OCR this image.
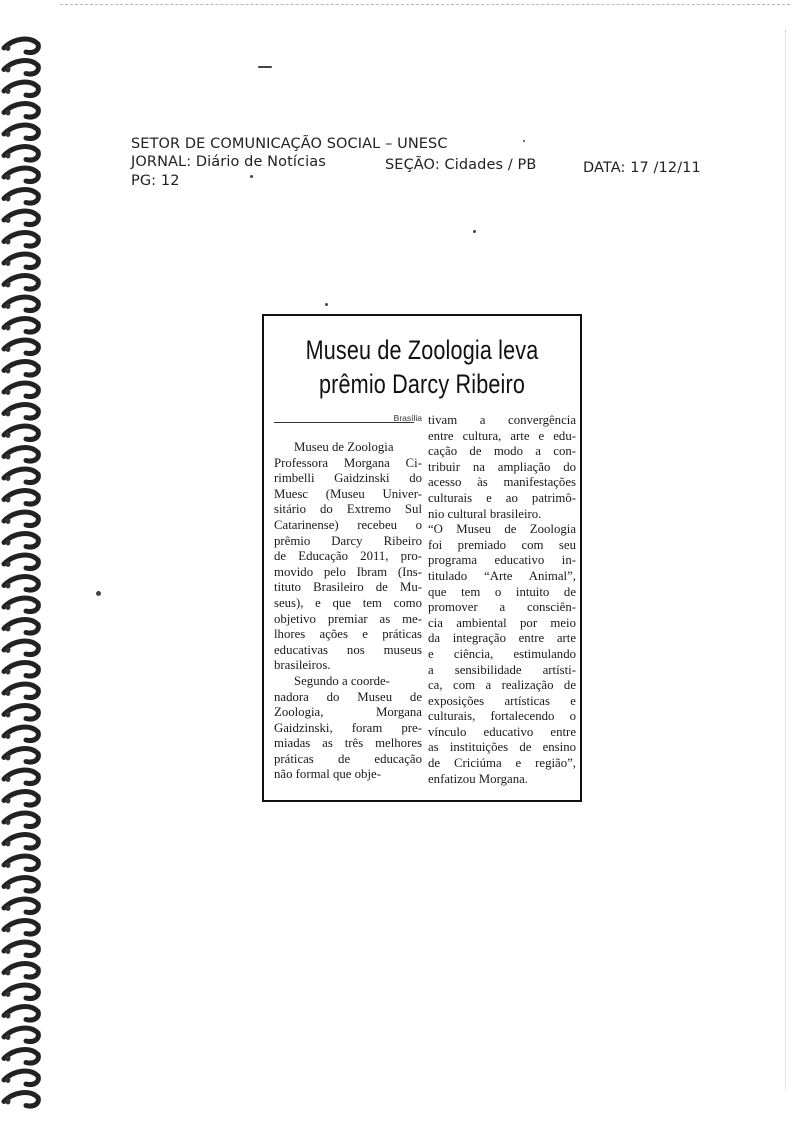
SETOR DE COMUNICAÇÃO SOCIAL – UNESC
JORNAL: Diário de Notícias	SEÇÃO: Cidades / PB	DATA: 17 /12/11
PG: 12
Museu de Zoologia leva
prêmio Darcy Ribeiro
Brasília
Museu de Zoologia
Professora Morgana Ci-
rimbelli Gaidzinski do
Muesc (Museu Univer-
sitário do Extremo Sul
Catarinense) recebeu o
prêmio Darcy Ribeiro
de Educação 2011, pro-
movido pelo Ibram (Ins-
tituto Brasileiro de Mu-
seus), e que tem como
objetivo premiar as me-
lhores ações e práticas
educativas nos museus
brasileiros.
Segundo a coorde-
nadora do Museu de
Zoologia, Morgana
Gaidzinski, foram pre-
miadas as três melhores
práticas de educação
não formal que obje-
tivam a convergência
entre cultura, arte e edu-
cação de modo a con-
tribuir na ampliação do
acesso às manifestações
culturais e ao patrimô-
nio cultural brasileiro.
“O Museu de Zoologia
foi premiado com seu
programa educativo in-
titulado “Arte Animal”,
que tem o intuito de
promover a consciên-
cia ambiental por meio
da integração entre arte
e ciência, estimulando
a sensibilidade artísti-
ca, com a realização de
exposições artísticas e
culturais, fortalecendo o
vínculo educativo entre
as instituições de ensino
de Criciúma e região”,
enfatizou Morgana.
